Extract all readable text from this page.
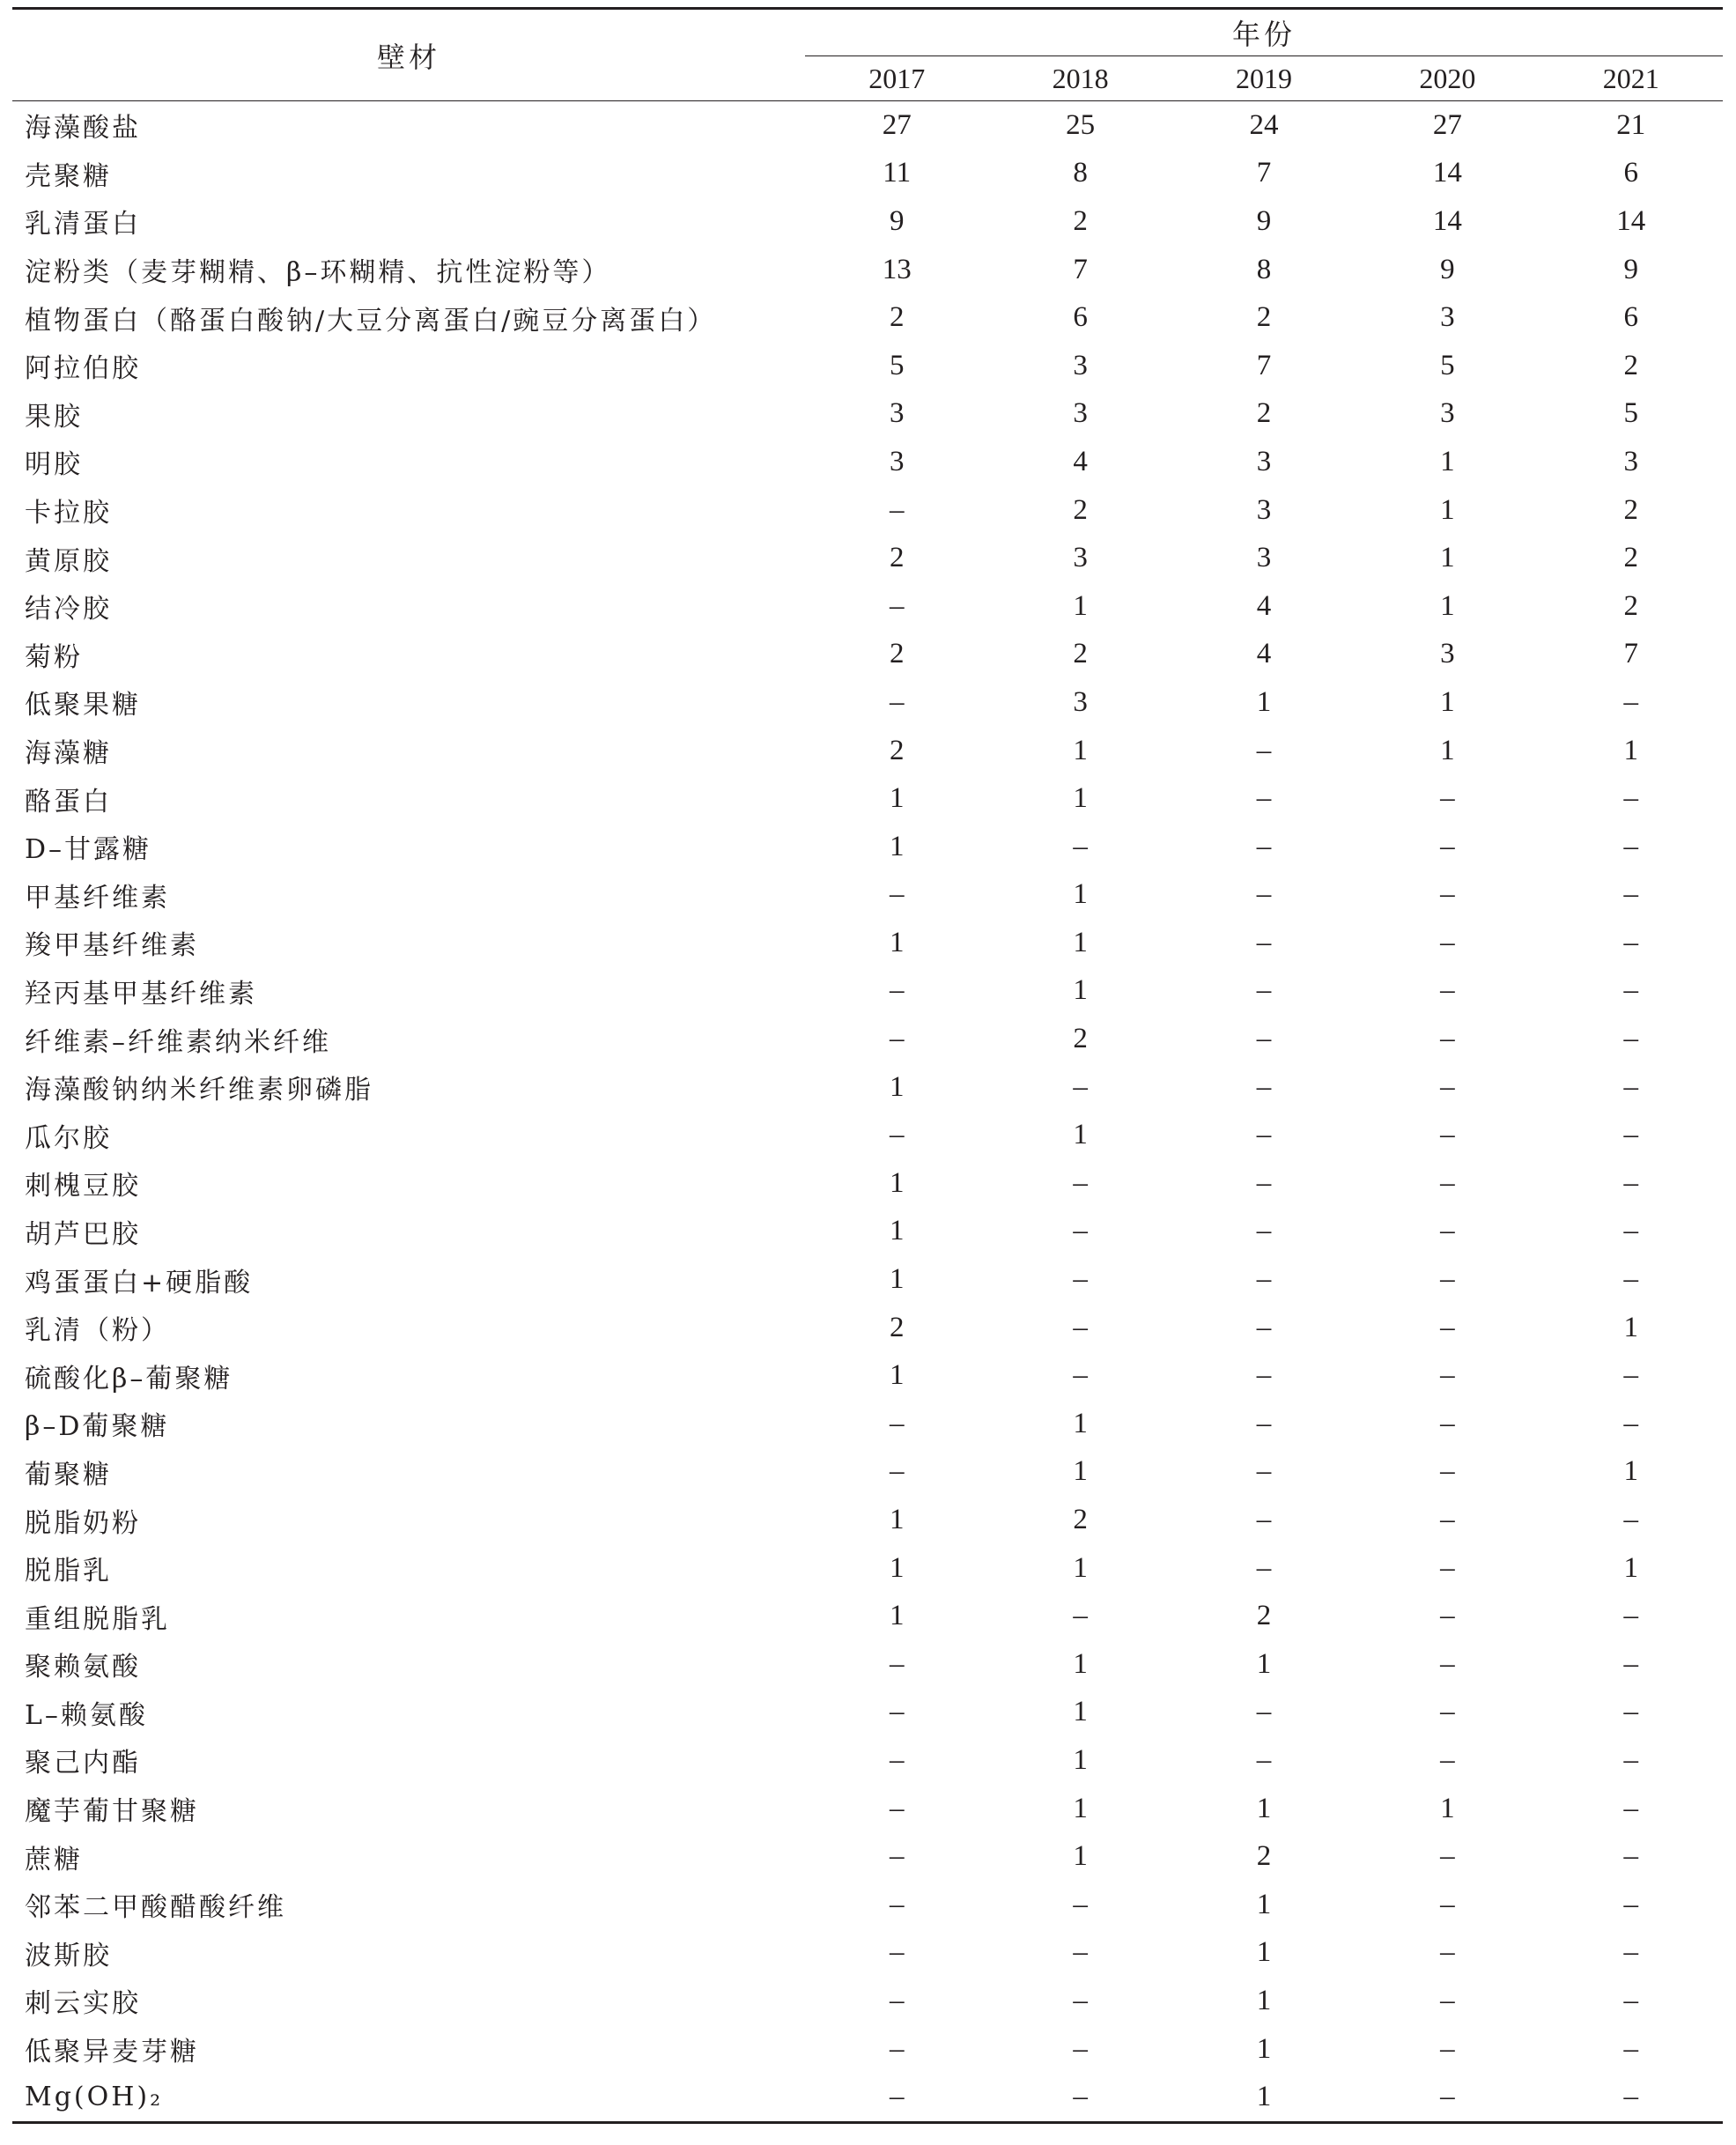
壁材	年份				
	2017	2018	2019	2020	2021
海藻酸盐	27	25	24	27	21
壳聚糖	11	8	7	14	6
乳清蛋白	9	2	9	14	14
淀粉类（麦芽糊精、β–环糊精、抗性淀粉等）	13	7	8	9	9
植物蛋白（酪蛋白酸钠/大豆分离蛋白/豌豆分离蛋白）	2	6	2	3	6
阿拉伯胶	5	3	7	5	2
果胶	3	3	2	3	5
明胶	3	4	3	1	3
卡拉胶	–	2	3	1	2
黄原胶	2	3	3	1	2
结冷胶	–	1	4	1	2
菊粉	2	2	4	3	7
低聚果糖	–	3	1	1	–
海藻糖	2	1	–	1	1
酪蛋白	1	1	–	–	–
D–甘露糖	1	–	–	–	–
甲基纤维素	–	1	–	–	–
羧甲基纤维素	1	1	–	–	–
羟丙基甲基纤维素	–	1	–	–	–
纤维素–纤维素纳米纤维	–	2	–	–	–
海藻酸钠纳米纤维素卵磷脂	1	–	–	–	–
瓜尔胶	–	1	–	–	–
刺槐豆胶	1	–	–	–	–
胡芦巴胶	1	–	–	–	–
鸡蛋蛋白+硬脂酸	1	–	–	–	–
乳清（粉）	2	–	–	–	1
硫酸化β–葡聚糖	1	–	–	–	–
β–D葡聚糖	–	1	–	–	–
葡聚糖	–	1	–	–	1
脱脂奶粉	1	2	–	–	–
脱脂乳	1	1	–	–	1
重组脱脂乳	1	–	2	–	–
聚赖氨酸	–	1	1	–	–
L–赖氨酸	–	1	–	–	–
聚己内酯	–	1	–	–	–
魔芋葡甘聚糖	–	1	1	1	–
蔗糖	–	1	2	–	–
邻苯二甲酸醋酸纤维	–	–	1	–	–
波斯胶	–	–	1	–	–
刺云实胶	–	–	1	–	–
低聚异麦芽糖	–	–	1	–	–
Mg(OH)₂	–	–	1	–	–
